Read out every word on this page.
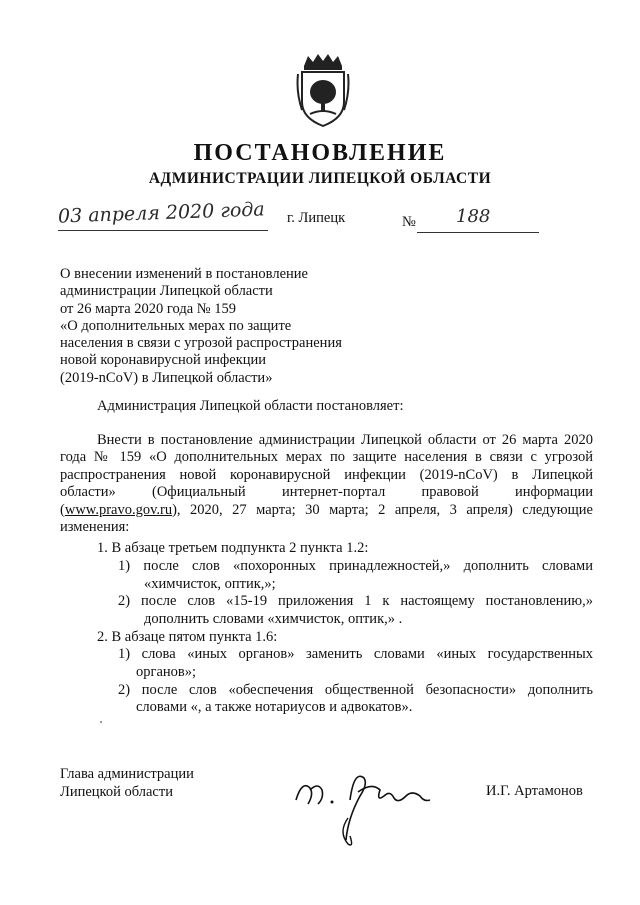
ПОСТАНОВЛЕНИЕ
АДМИНИСТРАЦИИ ЛИПЕЦКОЙ ОБЛАСТИ
03 апреля 2020 года г. Липецк	№ 188
О внесении изменений в постановление
администрации Липецкой области
от 26 марта 2020 года № 159
«О дополнительных мерах по защите
населения в связи с угрозой распространения
новой коронавирусной инфекции
(2019-nCoV) в Липецкой области»
Администрация Липецкой области постановляет:
Внести в постановление администрации Липецкой области от 26 марта 2020
года № 159 «О дополнительных мерах по защите населения в связи с угрозой
распространения новой коронавирусной инфекции (2019-nCoV) в Липецкой
области» (Официальный интернет-портал правовой информации
(www.pravo.gov.ru), 2020, 27 марта; 30 марта; 2 апреля, 3 апреля) следующие
изменения:
1. В абзаце третьем подпункта 2 пункта 1.2:
1) после слов «похоронных принадлежностей,» дополнить словами
«химчисток, оптик,»;
2) после слов «15-19 приложения 1 к настоящему постановлению,»
дополнить словами «химчисток, оптик,» .
2. В абзаце пятом пункта 1.6:
1) слова «иных органов» заменить словами «иных государственных
органов»;
2) после слов «обеспечения общественной безопасности» дополнить
словами «, а также нотариусов и адвокатов».
Глава администрации
Липецкой области	И.Г. Артамонов
